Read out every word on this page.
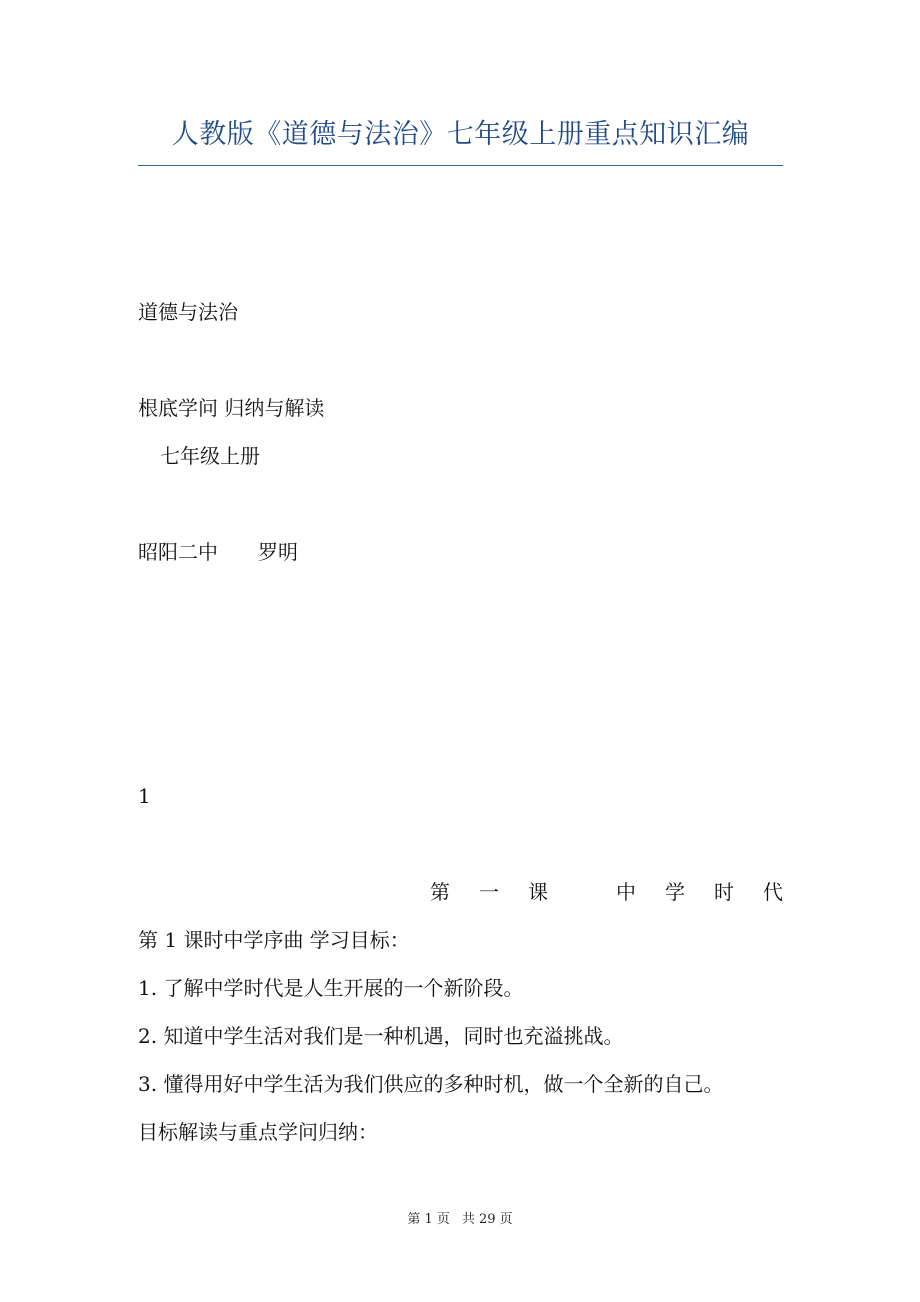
人教版《道德与法治》七年级上册重点知识汇编
道德与法治
根底学问 归纳与解读
七年级上册
昭阳二中 罗明
1
第 一 课	中 学 时 代
第 1 课时中学序曲 学习目标：
1. 了解中学时代是人生开展的一个新阶段。
2. 知道中学生活对我们是一种机遇，同时也充溢挑战。
3. 懂得用好中学生活为我们供应的多种时机，做一个全新的自己。
目标解读与重点学问归纳：
第 1 页 共 29 页
